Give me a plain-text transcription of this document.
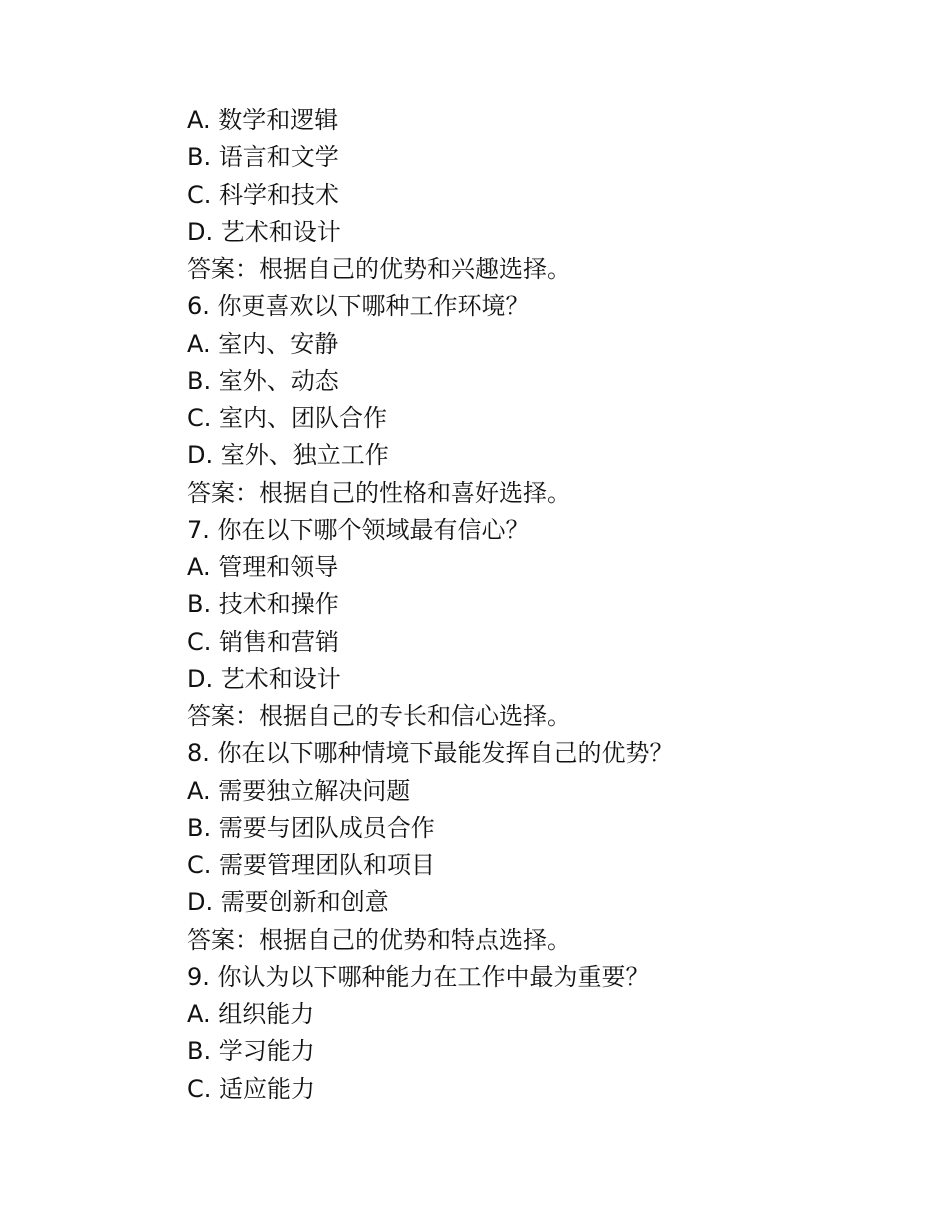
A. 数学和逻辑
B. 语言和文学
C. 科学和技术
D. 艺术和设计
答案：根据自己的优势和兴趣选择。
6. 你更喜欢以下哪种工作环境？
A. 室内、安静
B. 室外、动态
C. 室内、团队合作
D. 室外、独立工作
答案：根据自己的性格和喜好选择。
7. 你在以下哪个领域最有信心？
A. 管理和领导
B. 技术和操作
C. 销售和营销
D. 艺术和设计
答案：根据自己的专长和信心选择。
8. 你在以下哪种情境下最能发挥自己的优势？
A. 需要独立解决问题
B. 需要与团队成员合作
C. 需要管理团队和项目
D. 需要创新和创意
答案：根据自己的优势和特点选择。
9. 你认为以下哪种能力在工作中最为重要？
A. 组织能力
B. 学习能力
C. 适应能力
